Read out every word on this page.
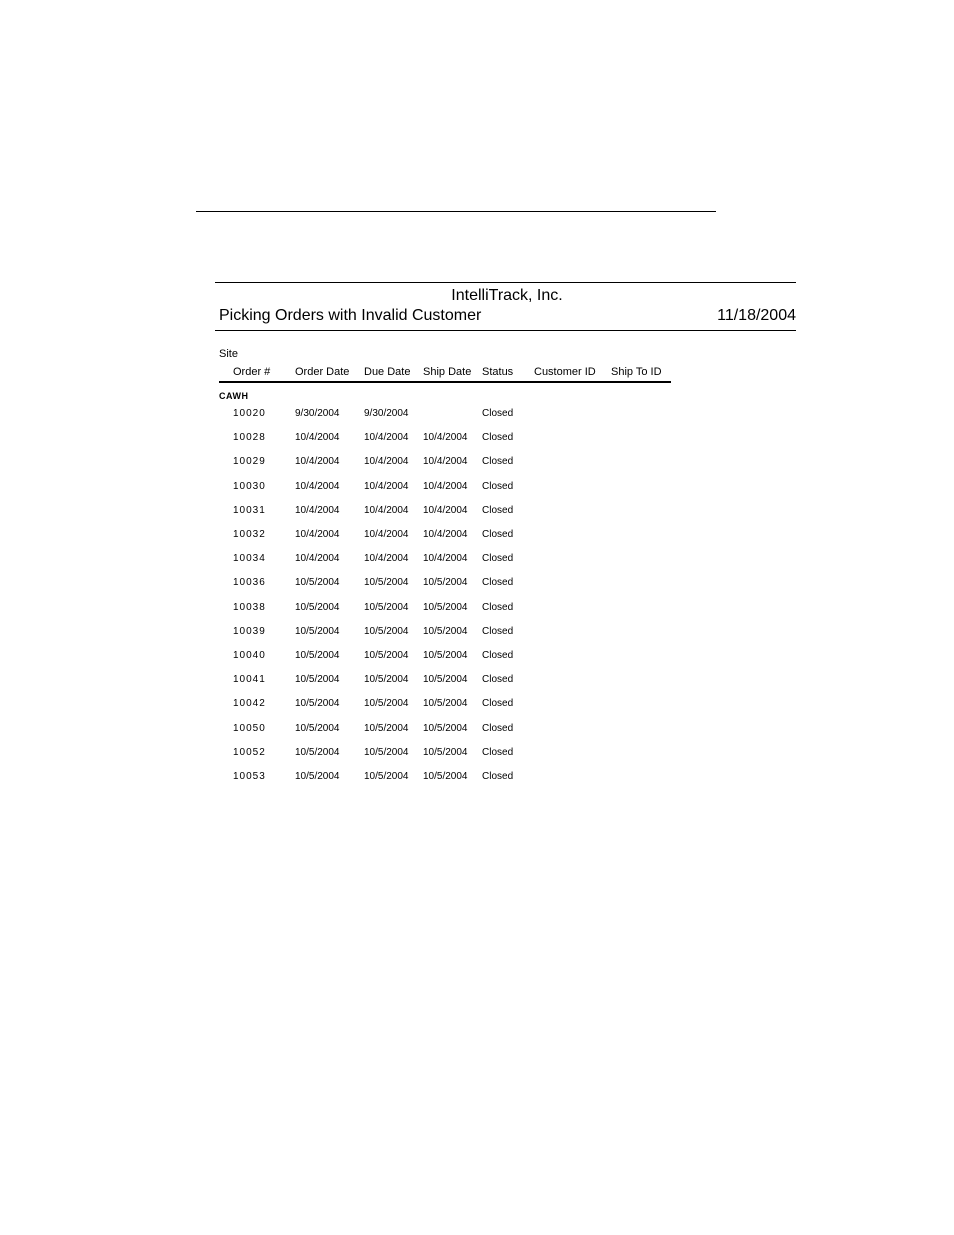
IntelliTrack, Inc.
Picking Orders with Invalid Customer	11/18/2004
Site
Order # Order Date Due Date Ship Date Status Customer ID Ship To ID
CAWH
10020	9/30/2004 9/30/2004	Closed
10028	10/4/2004 10/4/2004 10/4/2004 Closed
10029	10/4/2004 10/4/2004 10/4/2004 Closed
10030	10/4/2004 10/4/2004 10/4/2004 Closed
10031	10/4/2004 10/4/2004 10/4/2004 Closed
10032	10/4/2004 10/4/2004 10/4/2004 Closed
10034	10/4/2004 10/4/2004 10/4/2004 Closed
10036	10/5/2004 10/5/2004 10/5/2004 Closed
10038	10/5/2004 10/5/2004 10/5/2004 Closed
10039	10/5/2004 10/5/2004 10/5/2004 Closed
10040	10/5/2004 10/5/2004 10/5/2004 Closed
10041	10/5/2004 10/5/2004 10/5/2004 Closed
10042	10/5/2004 10/5/2004 10/5/2004 Closed
10050	10/5/2004 10/5/2004 10/5/2004 Closed
10052	10/5/2004 10/5/2004 10/5/2004 Closed
10053	10/5/2004 10/5/2004 10/5/2004 Closed
